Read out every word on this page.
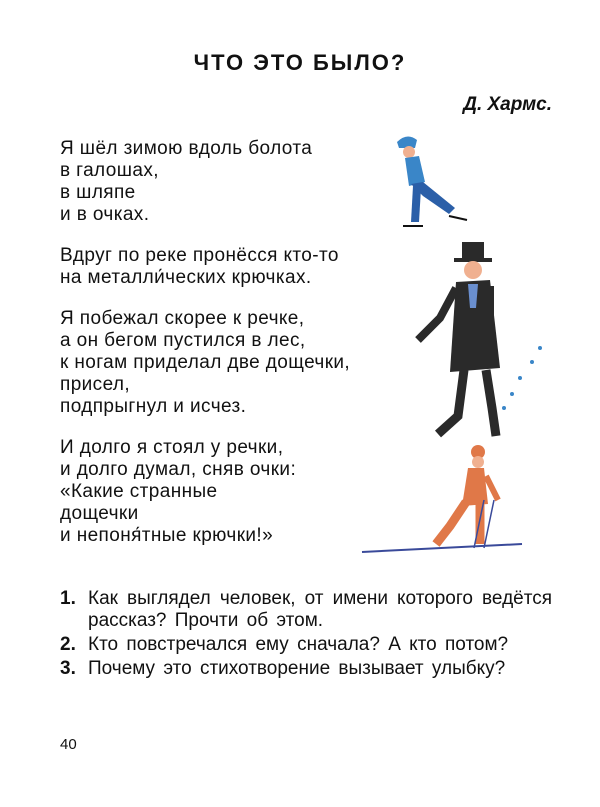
ЧТО ЭТО БЫЛО?
Д. Хармс.
Я шёл зимою вдоль болота
в галошах,
в шляпе
и в очках.
Вдруг по реке пронёсся кто-то
на металли́ческих крючках.
Я побежал скорее к речке,
а он бегом пустился в лес,
к ногам приделал две дощечки,
присел,
подпрыгнул и исчез.
И долго я стоял у речки,
и долго думал, сняв очки:
«Какие странные
дощечки
и непоня́тные крючки!»
1. Как выглядел человек, от имени которого ведётся рассказ? Прочти об этом.
2. Кто повстречался ему сначала? А кто потом?
3. Почему это стихотворение вызывает улыбку?
40
